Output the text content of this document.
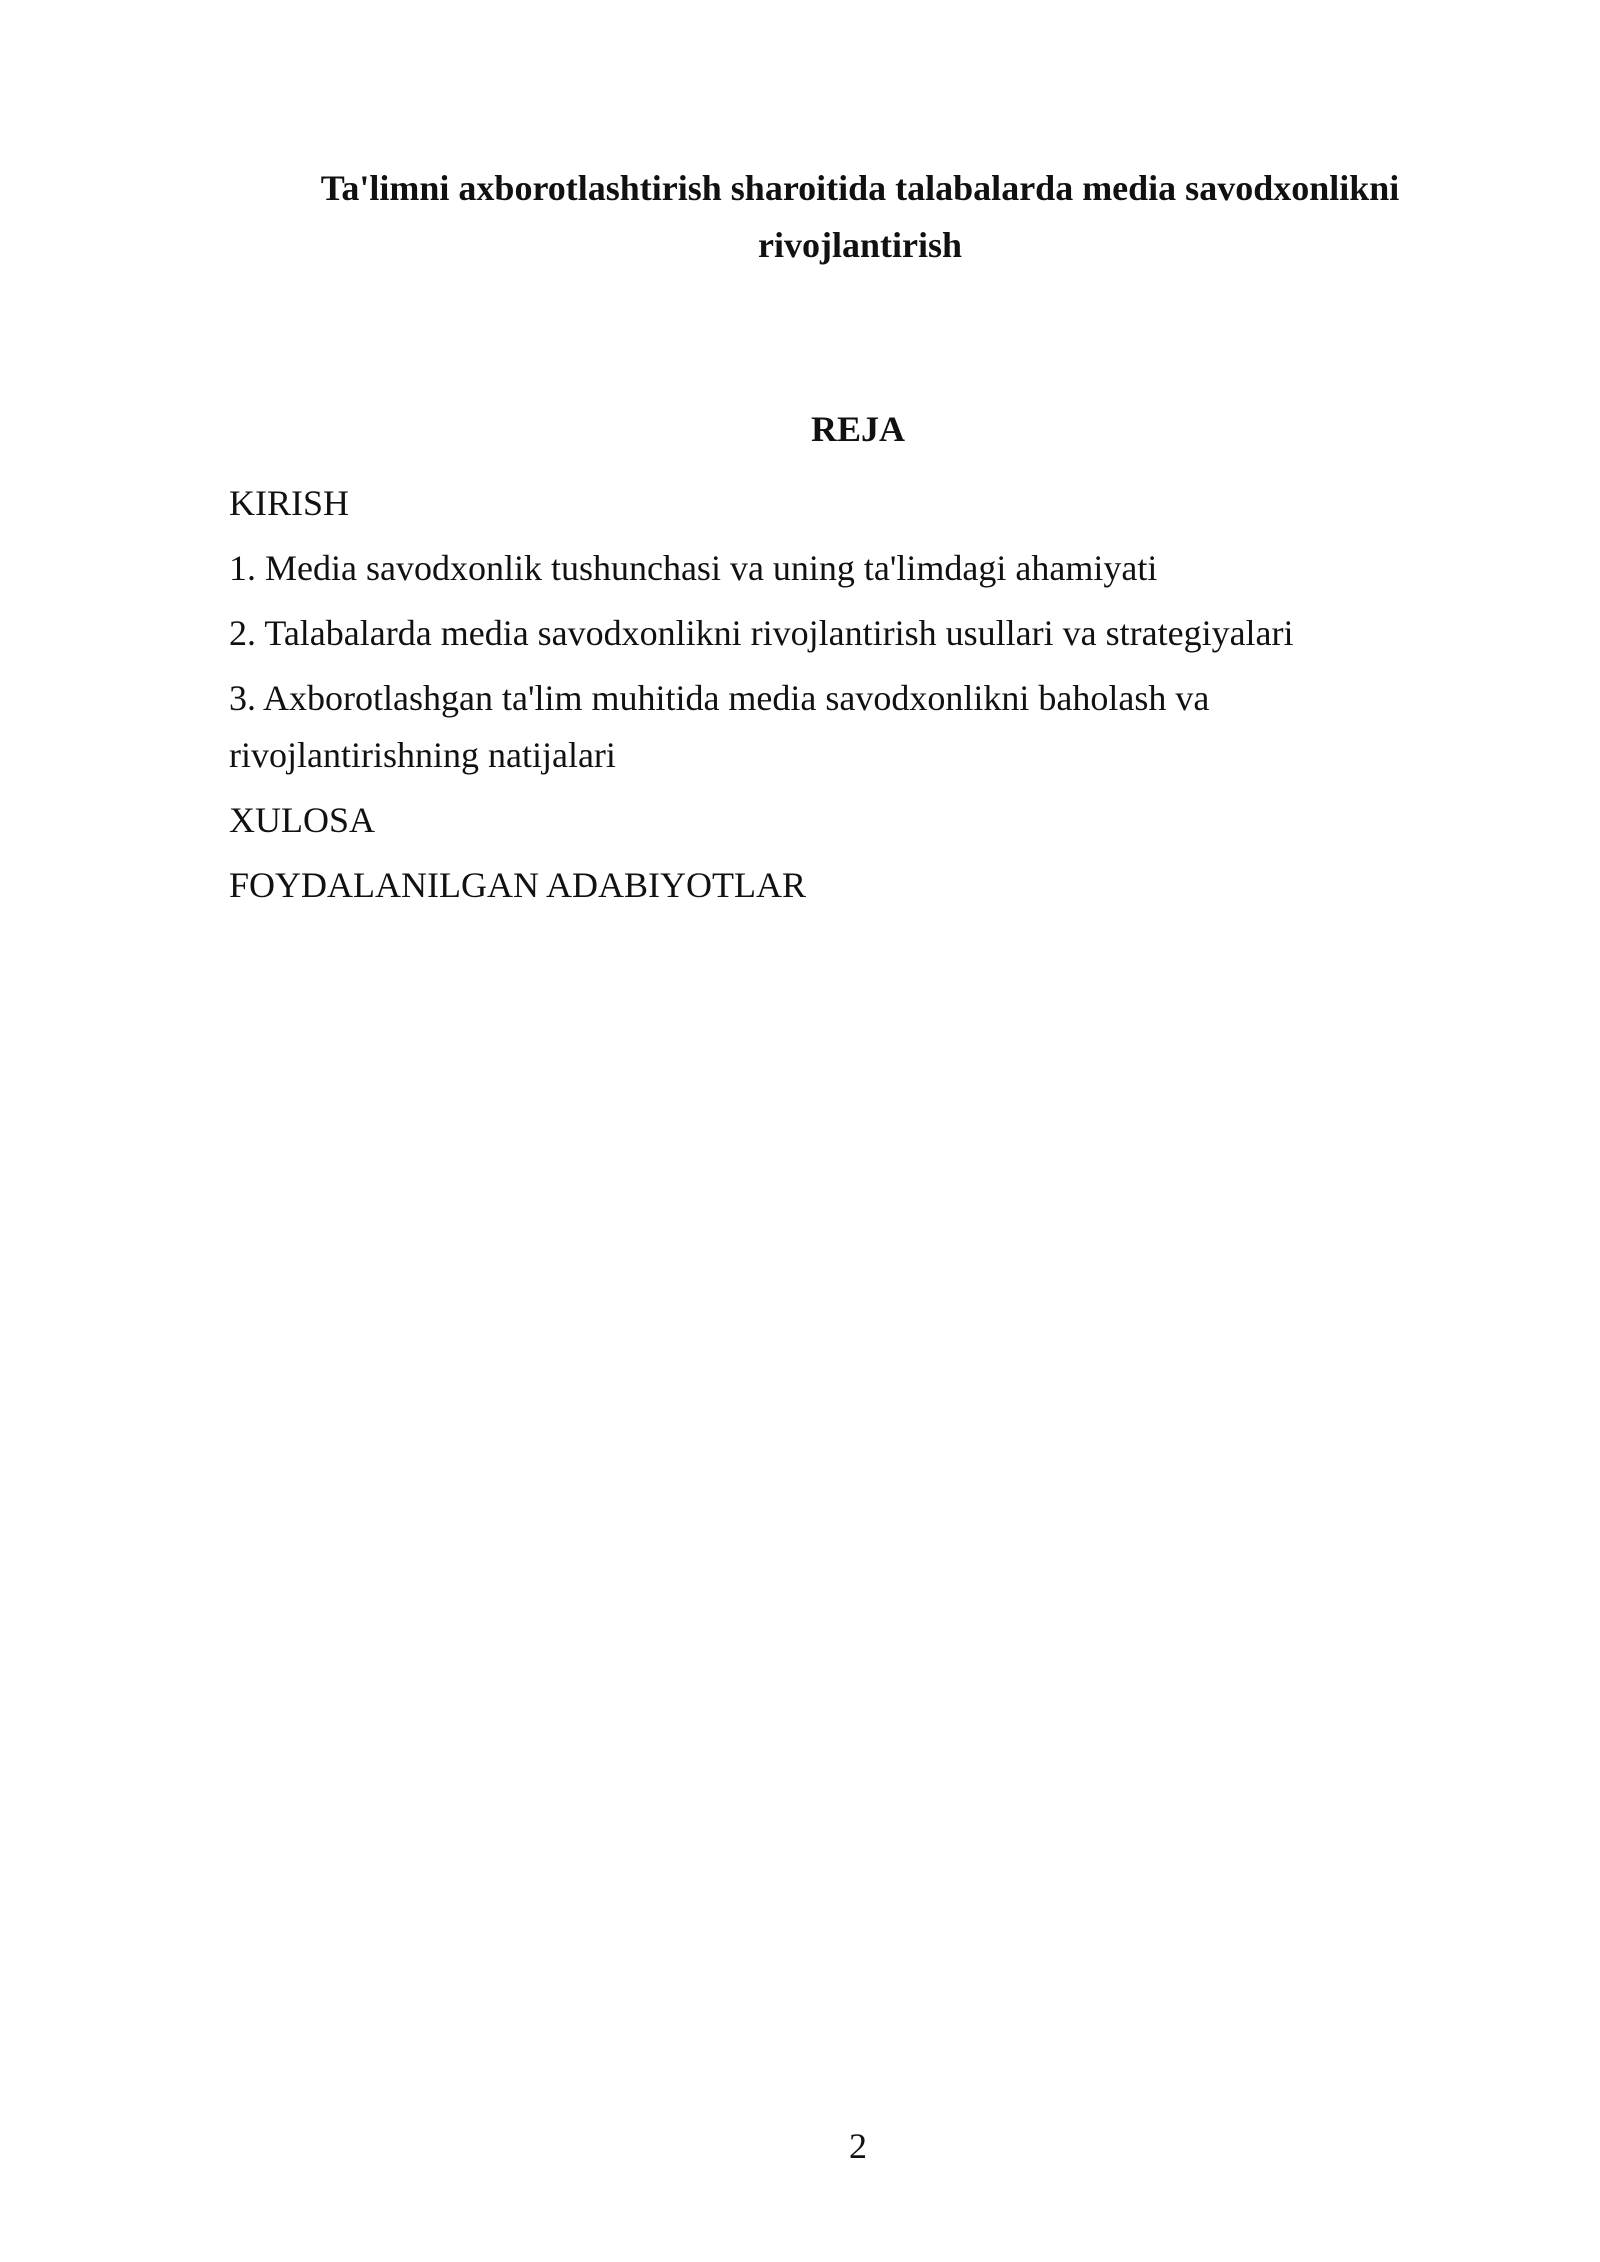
Ta'limni axborotlashtirish sharoitida talabalarda media savodxonlikni
rivojlantirish
REJA
KIRISH
1. Media savodxonlik tushunchasi va uning ta'limdagi ahamiyati
2. Talabalarda media savodxonlikni rivojlantirish usullari va strategiyalari
3. Axborotlashgan ta'lim muhitida media savodxonlikni baholash va rivojlantirishning natijalari
XULOSA
FOYDALANILGAN ADABIYOTLAR
2
